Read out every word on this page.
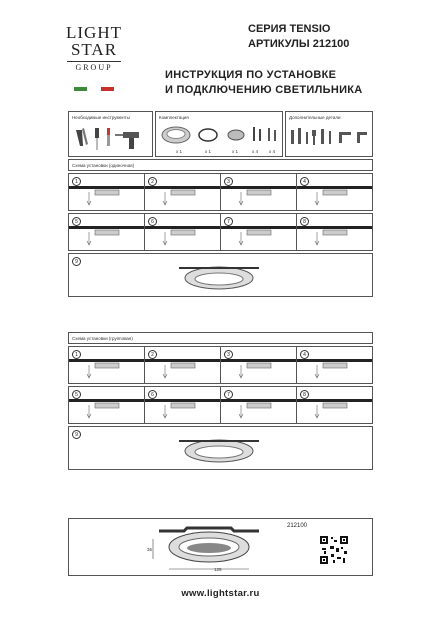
LIGHT
STAR
GROUP
СЕРИЯ TENSIO
АРТИКУЛЫ 212100
ИНСТРУКЦИЯ ПО УСТАНОВКЕ
И ПОДКЛЮЧЕНИЮ СВЕТИЛЬНИКА
Необходимые инструменты	Комплектация
x 1	x 1	x 1	x 4 x 4
Дополнительные детали
Схема установки (одиночная)
1	2	3	4
5	6	7	8
9
Схема установки (групповая)
1	2	3	4
5	6	7	8
9
125
36
212100
www.lightstar.ru
